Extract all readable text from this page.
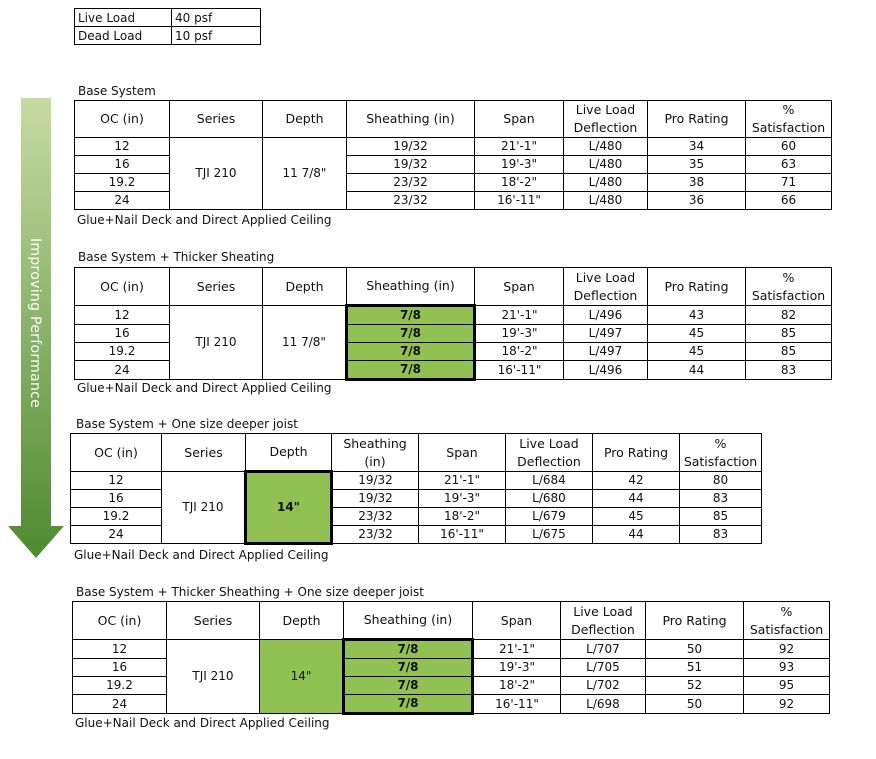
Live Load	40 psf
Dead Load	10 psf
Improving Performance
Base System
OC (in)	Series	Depth	Sheathing (in)	Span	Live Load Deflection	Pro Rating	% Satisfaction
12	TJI 210	11 7/8"	19/32	21'-1"	L/480	34	60
16			19/32	19'-3"	L/480	35	63
19.2			23/32	18'-2"	L/480	38	71
24			23/32	16'-11"	L/480	36	66
Glue+Nail Deck and Direct Applied Ceiling
Base System + Thicker Sheating
OC (in)	Series	Depth	Sheathing (in)	Span	Live Load Deflection	Pro Rating	% Satisfaction
12	TJI 210	11 7/8"	7/8	21'-1"	L/496	43	82
16			7/8	19'-3"	L/497	45	85
19.2			7/8	18'-2"	L/497	45	85
24			7/8	16'-11"	L/496	44	83
Glue+Nail Deck and Direct Applied Ceiling
Base System + One size deeper joist
OC (in)	Series	Depth	Sheathing (in)	Span	Live Load Deflection	Pro Rating	% Satisfaction
12	TJI 210	14"	19/32	21'-1"	L/684	42	80
16			19/32	19'-3"	L/680	44	83
19.2			23/32	18'-2"	L/679	45	85
24			23/32	16'-11"	L/675	44	83
Glue+Nail Deck and Direct Applied Ceiling
Base System + Thicker Sheathing + One size deeper joist
OC (in)	Series	Depth	Sheathing (in)	Span	Live Load Deflection	Pro Rating	% Satisfaction
12	TJI 210	14"	7/8	21'-1"	L/707	50	92
16			7/8	19'-3"	L/705	51	93
19.2			7/8	18'-2"	L/702	52	95
24			7/8	16'-11"	L/698	50	92
Glue+Nail Deck and Direct Applied Ceiling
